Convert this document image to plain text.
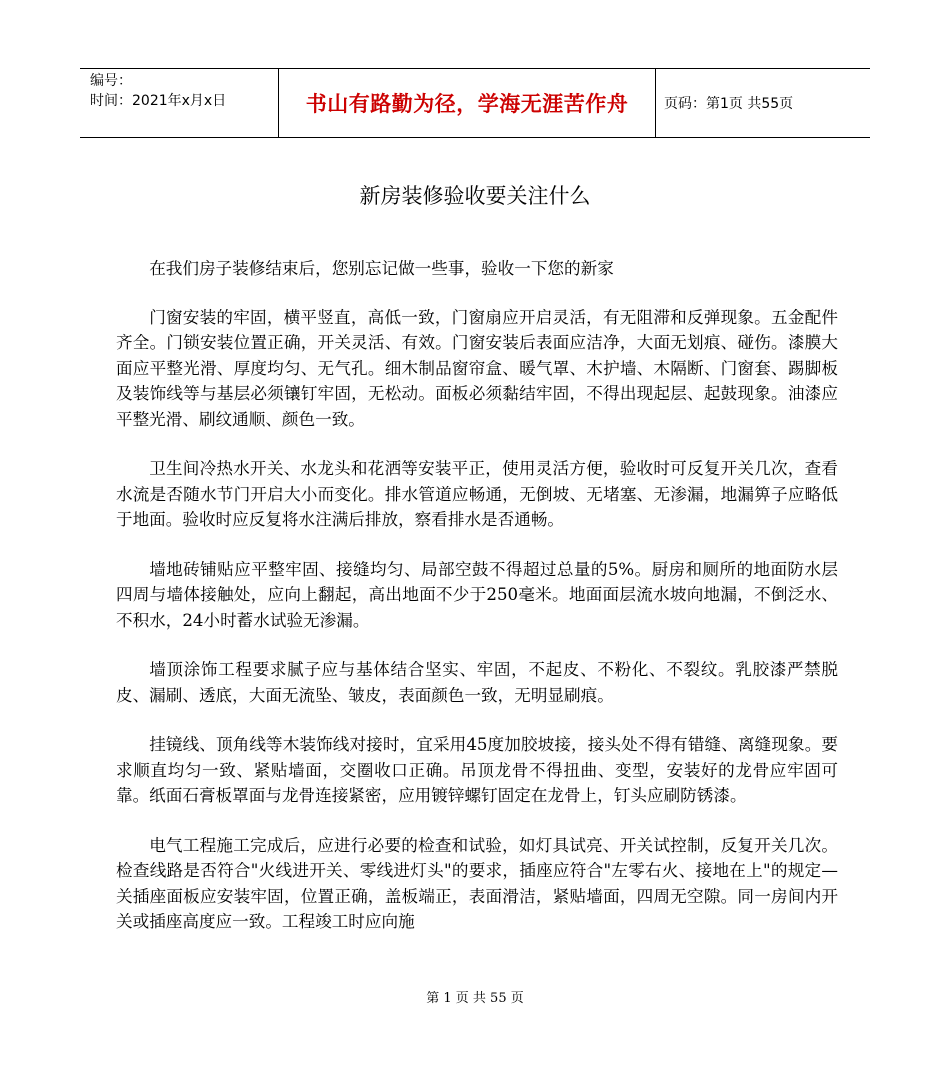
编号：
时间：2021年x月x日	书山有路勤为径，学海无涯苦作舟	页码：第1页 共55页
新房装修验收要关注什么

在我们房子装修结束后，您别忘记做一些事，验收一下您的新家

门窗安装的牢固，横平竖直，高低一致，门窗扇应开启灵活，有无阻滞和反弹现象。五金配件齐全。门锁安装位置正确，开关灵活、有效。门窗安装后表面应洁净，大面无划痕、碰伤。漆膜大面应平整光滑、厚度均匀、无气孔。细木制品窗帘盒、暖气罩、木护墙、木隔断、门窗套、踢脚板及装饰线等与基层必须镶钉牢固，无松动。面板必须黏结牢固，不得出现起层、起鼓现象。油漆应平整光滑、刷纹通顺、颜色一致。

卫生间冷热水开关、水龙头和花洒等安装平正，使用灵活方便，验收时可反复开关几次，查看水流是否随水节门开启大小而变化。排水管道应畅通，无倒坡、无堵塞、无渗漏，地漏箅子应略低于地面。验收时应反复将水注满后排放，察看排水是否通畅。

墙地砖铺贴应平整牢固、接缝均匀、局部空鼓不得超过总量的5%。厨房和厕所的地面防水层四周与墙体接触处，应向上翻起，高出地面不少于250毫米。地面面层流水坡向地漏，不倒泛水、不积水，24小时蓄水试验无渗漏。

墙顶涂饰工程要求腻子应与基体结合坚实、牢固，不起皮、不粉化、不裂纹。乳胶漆严禁脱皮、漏刷、透底，大面无流坠、皱皮，表面颜色一致，无明显刷痕。

挂镜线、顶角线等木装饰线对接时，宜采用45度加胶坡接，接头处不得有错缝、离缝现象。要求顺直均匀一致、紧贴墙面，交圈收口正确。吊顶龙骨不得扭曲、变型，安装好的龙骨应牢固可靠。纸面石膏板罩面与龙骨连接紧密，应用镀锌螺钉固定在龙骨上，钉头应刷防锈漆。

电气工程施工完成后，应进行必要的检查和试验，如灯具试亮、开关试控制，反复开关几次。检查线路是否符合"火线进开关、零线进灯头"的要求，插座应符合"左零右火、接地在上"的规定—关插座面板应安装牢固，位置正确，盖板端正，表面滑洁，紧贴墙面，四周无空隙。同一房间内开关或插座高度应一致。工程竣工时应向施

第 1 页 共 55 页
